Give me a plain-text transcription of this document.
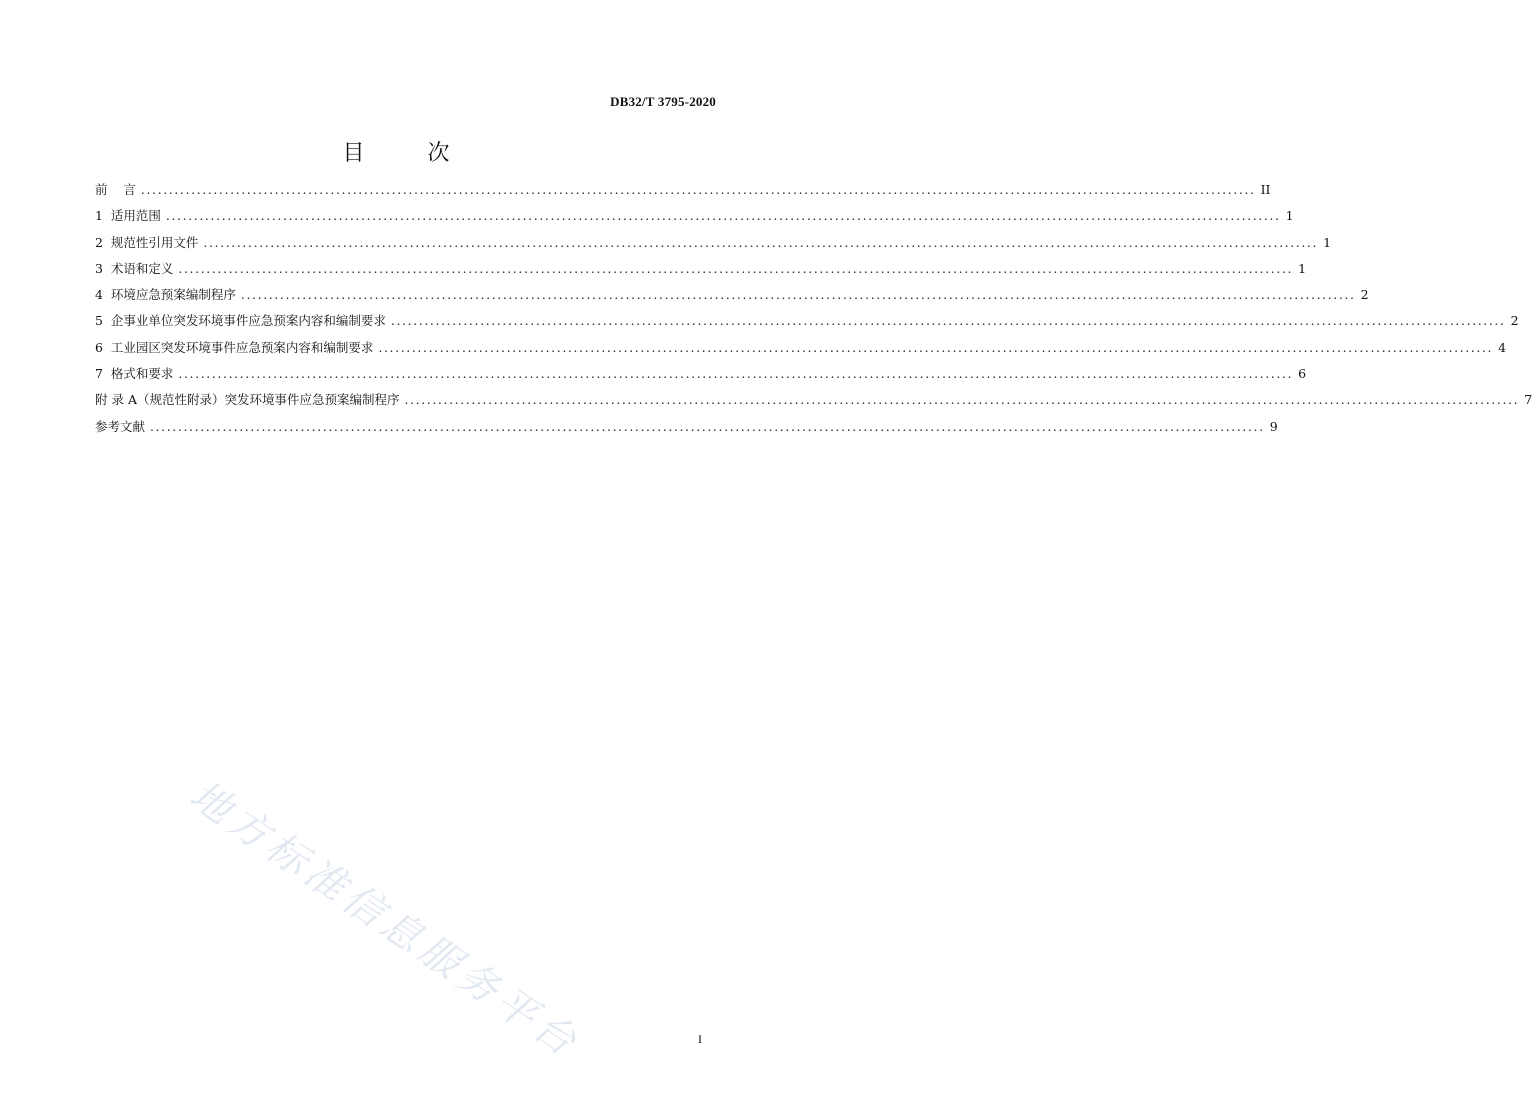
DB32/T 3795-2020
目 次
前    言 ........................................................................................................................................................................................................ II
1  适用范围 ........................................................................................................................................................................................................ 1
2  规范性引用文件 ........................................................................................................................................................................................................ 1
3  术语和定义 ........................................................................................................................................................................................................ 1
4  环境应急预案编制程序 ........................................................................................................................................................................................................ 2
5  企事业单位突发环境事件应急预案内容和编制要求 ........................................................................................................................................................................................................ 2
6  工业园区突发环境事件应急预案内容和编制要求 ........................................................................................................................................................................................................ 4
7  格式和要求 ........................................................................................................................................................................................................ 6
附 录 A（规范性附录）突发环境事件应急预案编制程序 ........................................................................................................................................................................................................ 7
参考文献 ........................................................................................................................................................................................................ 9
地方标准信息服务平台	I
